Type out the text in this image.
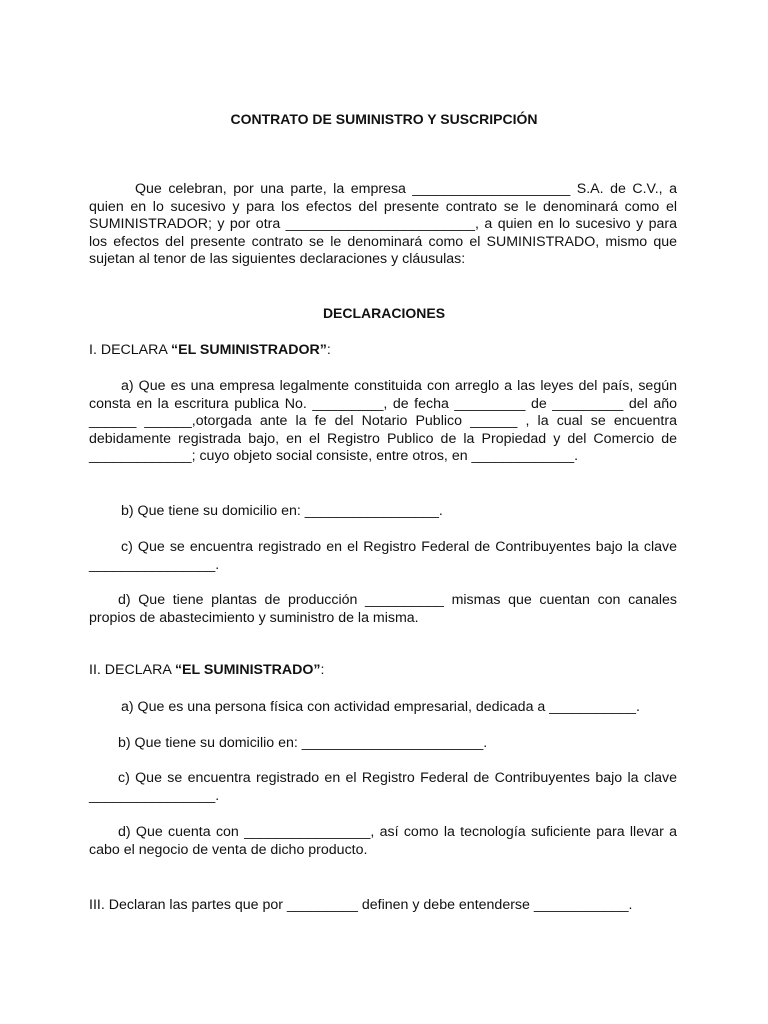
CONTRATO DE SUMINISTRO Y SUSCRIPCIÓN

Que celebran, por una parte, la empresa ____________________ S.A. de C.V., a quien en lo sucesivo y para los efectos del presente contrato se le denominará como el SUMINISTRADOR; y por otra ________________________, a quien en lo sucesivo y para los efectos del presente contrato se le denominará como el SUMINISTRADO, mismo que sujetan al tenor de las siguientes declaraciones y cláusulas:

DECLARACIONES

I. DECLARA “EL SUMINISTRADOR”:

a) Que es una empresa legalmente constituida con arreglo a las leyes del país, según consta en la escritura publica No. _________, de fecha _________ de _________ del año ______ ______,otorgada ante la fe del Notario Publico ______ , la cual se encuentra debidamente registrada bajo, en el Registro Publico de la Propiedad y del Comercio de _____________; cuyo objeto social consiste, entre otros, en _____________.

b) Que tiene su domicilio en: _________________.

c) Que se encuentra registrado en el Registro Federal de Contribuyentes bajo la clave ________________.

d) Que tiene plantas de producción __________ mismas que cuentan con canales propios de abastecimiento y suministro de la misma.

II. DECLARA “EL SUMINISTRADO”:

a) Que es una persona física con actividad empresarial, dedicada a ___________.

b) Que tiene su domicilio en: _______________________.

c) Que se encuentra registrado en el Registro Federal de Contribuyentes bajo la clave ________________.

d) Que cuenta con ________________, así como la tecnología suficiente para llevar a cabo el negocio de venta de dicho producto.

III. Declaran las partes que por _________ definen y debe entenderse ____________.
